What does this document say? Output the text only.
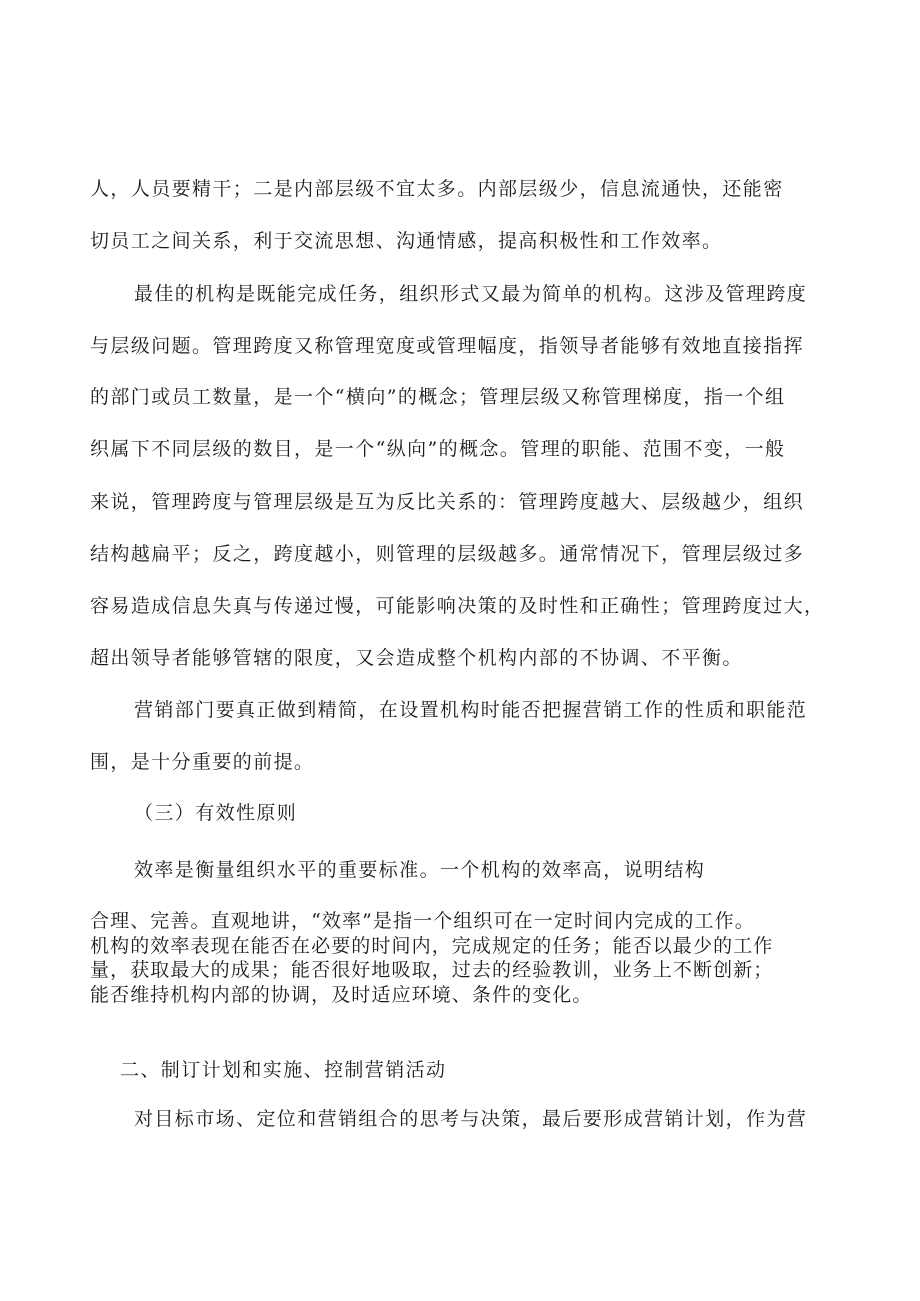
人，人员要精干；二是内部层级不宜太多。内部层级少，信息流通快，还能密
切员工之间关系，利于交流思想、沟通情感，提高积极性和工作效率。
最佳的机构是既能完成任务，组织形式又最为简单的机构。这涉及管理跨度
与层级问题。管理跨度又称管理宽度或管理幅度，指领导者能够有效地直接指挥
的部门或员工数量，是一个“横向”的概念；管理层级又称管理梯度，指一个组
织属下不同层级的数目，是一个“纵向”的概念。管理的职能、范围不变，一般
来说，管理跨度与管理层级是互为反比关系的：管理跨度越大、层级越少，组织
结构越扁平；反之，跨度越小，则管理的层级越多。通常情况下，管理层级过多
容易造成信息失真与传递过慢，可能影响决策的及时性和正确性；管理跨度过大，
超出领导者能够管辖的限度，又会造成整个机构内部的不协调、不平衡。
营销部门要真正做到精简，在设置机构时能否把握营销工作的性质和职能范
围，是十分重要的前提。
（三）有效性原则
效率是衡量组织水平的重要标准。一个机构的效率高，说明结构
合理、完善。直观地讲，“效率”是指一个组织可在一定时间内完成的工作。
机构的效率表现在能否在必要的时间内，完成规定的任务；能否以最少的工作
量，获取最大的成果；能否很好地吸取，过去的经验教训，业务上不断创新；
能否维持机构内部的协调，及时适应环境、条件的变化。
二、制订计划和实施、控制营销活动
对目标市场、定位和营销组合的思考与决策，最后要形成营销计划，作为营
